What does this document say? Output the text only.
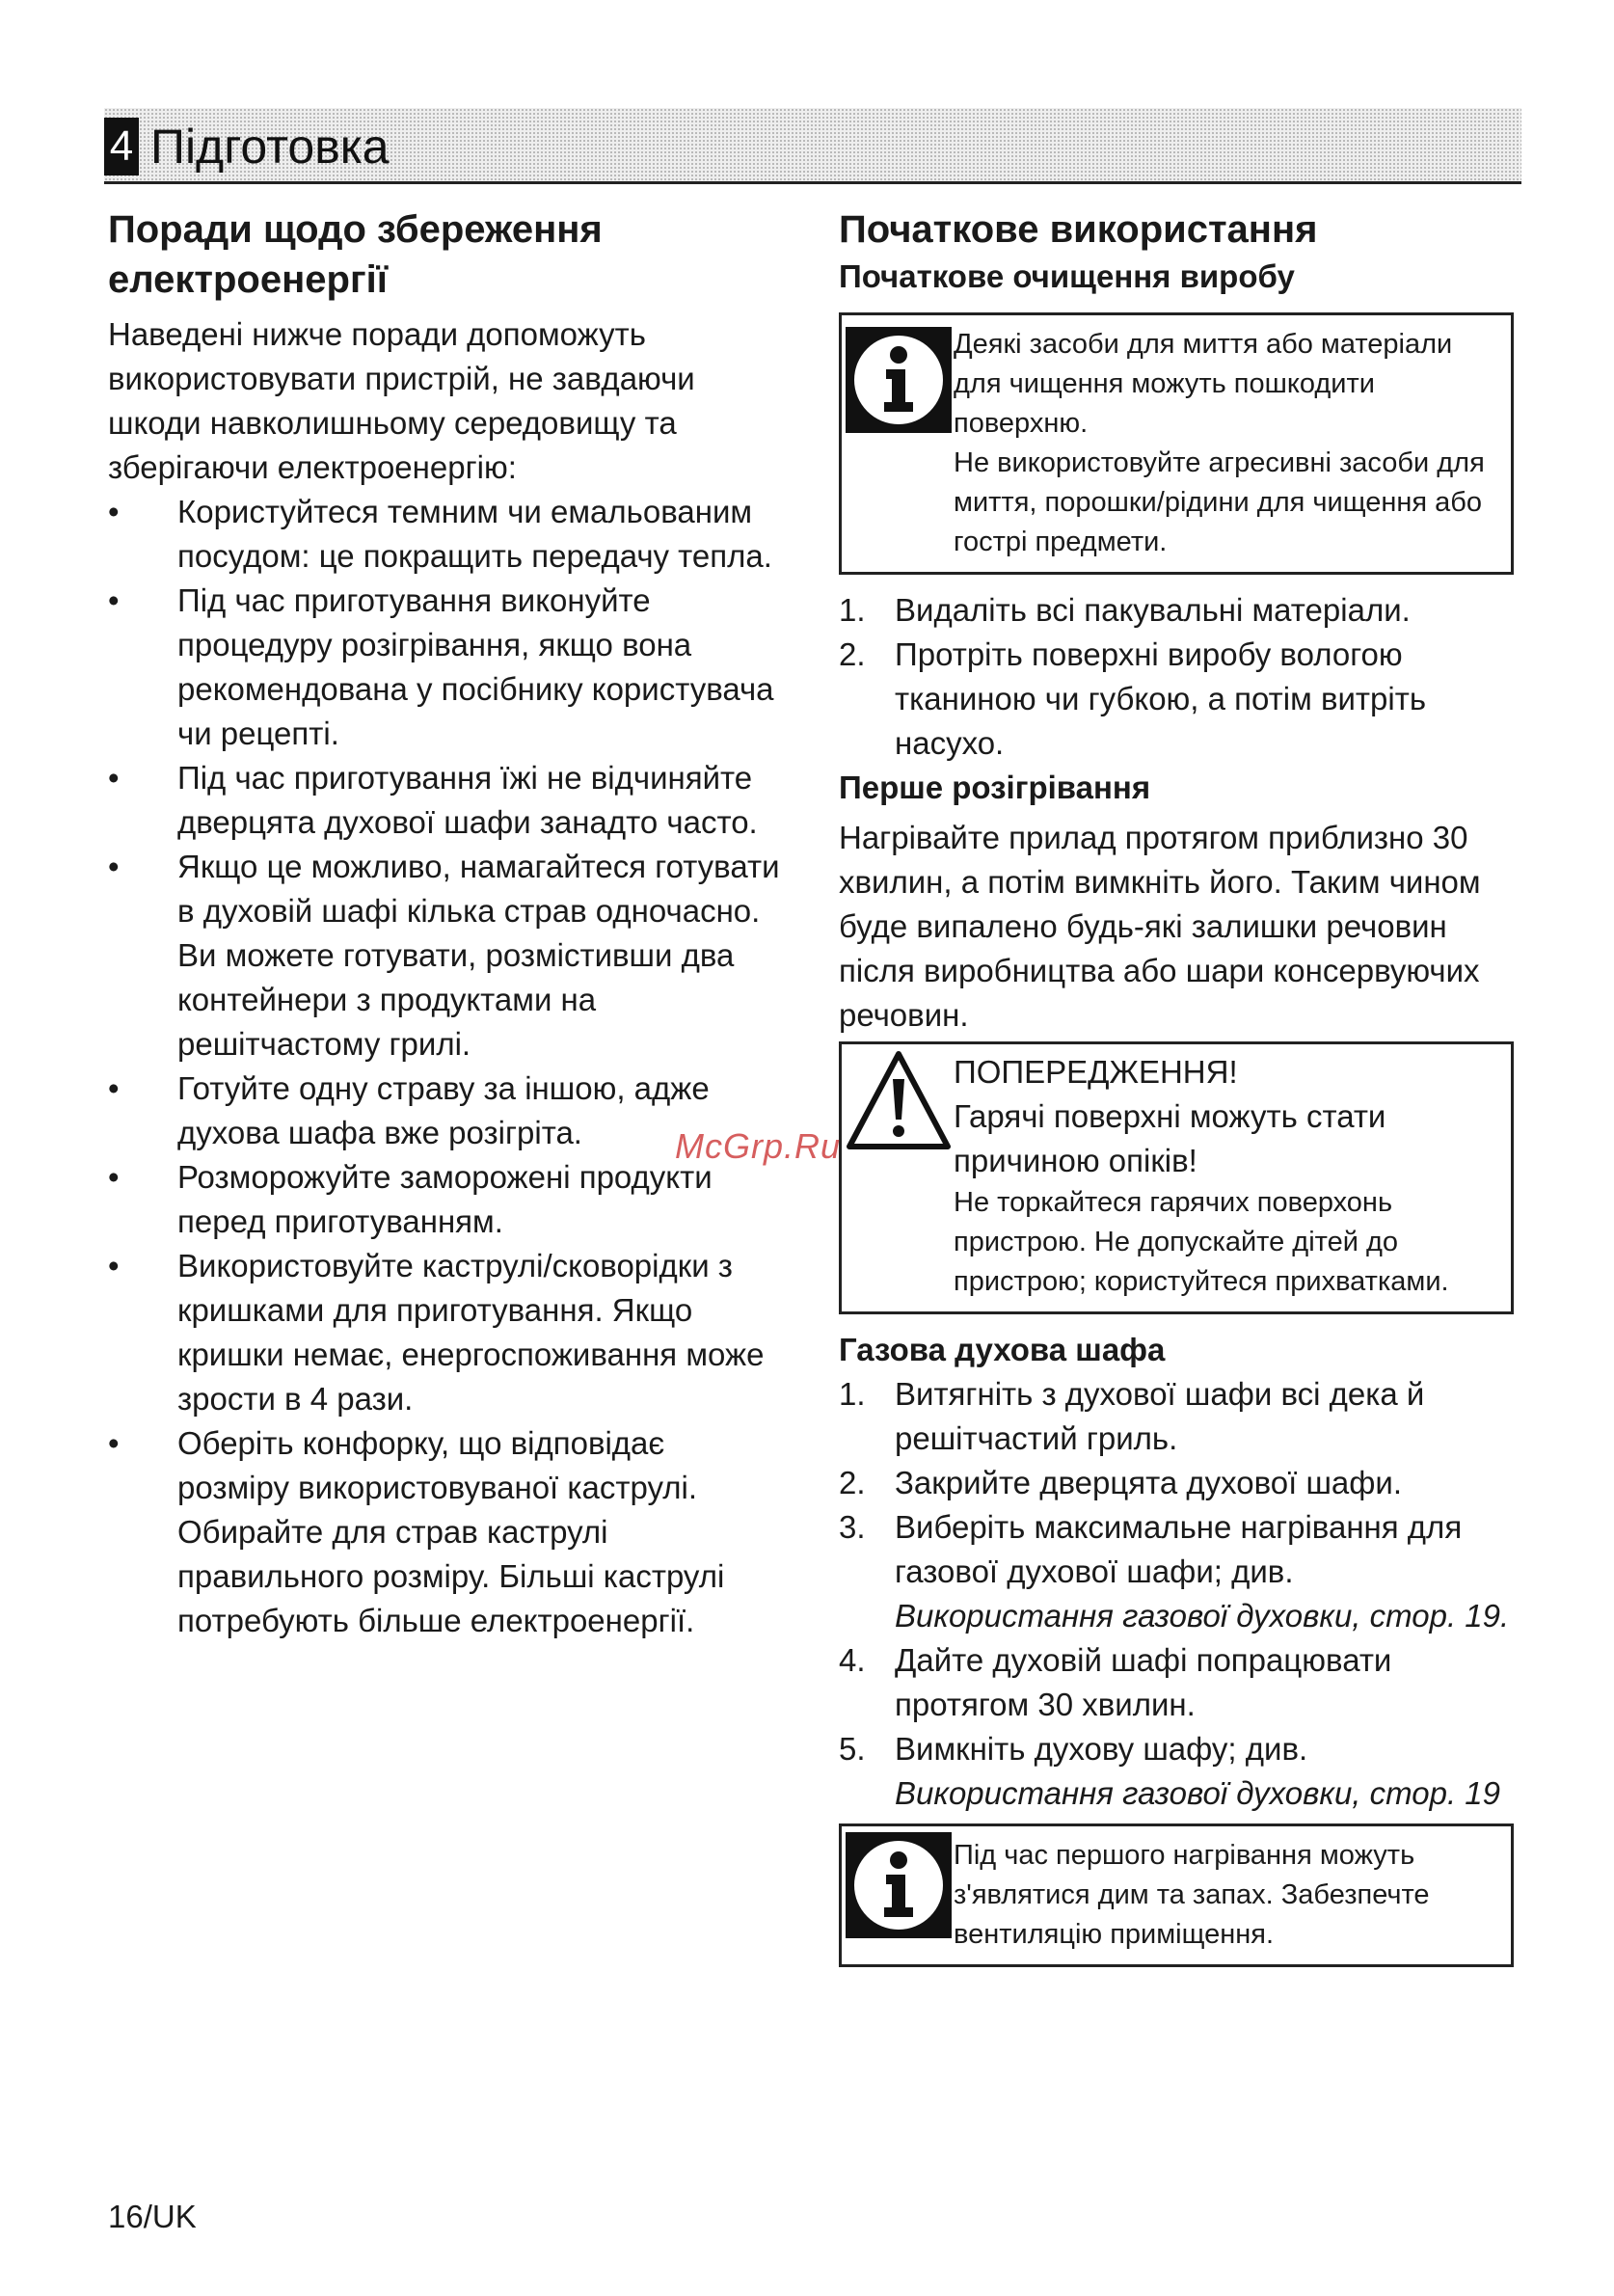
4 Підготовка
Поради щодо збереження
електроенергії

Наведені нижче поради допоможуть
використовувати пристрій, не завдаючи
шкоди навколишньому середовищу та
зберігаючи електроенергію:

• Користуйтеся темним чи емальованим
посудом: це покращить передачу тепла.
• Під час приготування виконуйте
процедуру розігрівання, якщо вона
рекомендована у посібнику користувача
чи рецепті.
• Під час приготування їжі не відчиняйте
дверцята духової шафи занадто часто.
• Якщо це можливо, намагайтеся готувати
в духовій шафі кілька страв одночасно.
Ви можете готувати, розмістивши два
контейнери з продуктами на
решітчастому грилі.
• Готуйте одну страву за іншою, адже
духова шафа вже розігріта.
• Розморожуйте заморожені продукти
перед приготуванням.
• Використовуйте каструлі/сковорідки з
кришками для приготування. Якщо
кришки немає, енергоспоживання може
зрости в 4 рази.
• Оберіть конфорку, що відповідає
розміру використовуваної каструлі.
Обирайте для страв каструлі
правильного розміру. Більші каструлі
потребують більше електроенергії.
Початкове використання
Початкове очищення виробу

Деякі засоби для миття або матеріали
для чищення можуть пошкодити
поверхню.
Не використовуйте агресивні засоби для
миття, порошки/рідини для чищення або
гострі предмети.

1. Видаліть всі пакувальні матеріали.
2. Протріть поверхні виробу вологою
тканиною чи губкою, а потім витріть
насухо.
Перше розігрівання

Нагрівайте прилад протягом приблизно 30
хвилин, а потім вимкніть його. Таким чином
буде випалено будь-які залишки речовин
після виробництва або шари консервуючих
речовин.

ПОПЕРЕДЖЕННЯ!

Гарячі поверхні можуть стати
причиною опіків!

Не торкайтеся гарячих поверхонь
пристрою. Не допускайте дітей до
пристрою; користуйтеся прихватками.

Газова духова шафа
1. Витягніть з духової шафи всі дека й
решітчастий гриль.
2. Закрийте дверцята духової шафи.
3. Виберіть максимальне нагрівання для
газової духової шафи; див.
Використання газової духовки, стор. 19.
4. Дайте духовій шафі попрацювати
протягом 30 хвилин.
5. Вимкніть духову шафу; див.
Використання газової духовки, стор. 19

Під час першого нагрівання можуть
з'являтися дим та запах. Забезпечте
вентиляцію приміщення.

McGrp.Ru
16/UK
